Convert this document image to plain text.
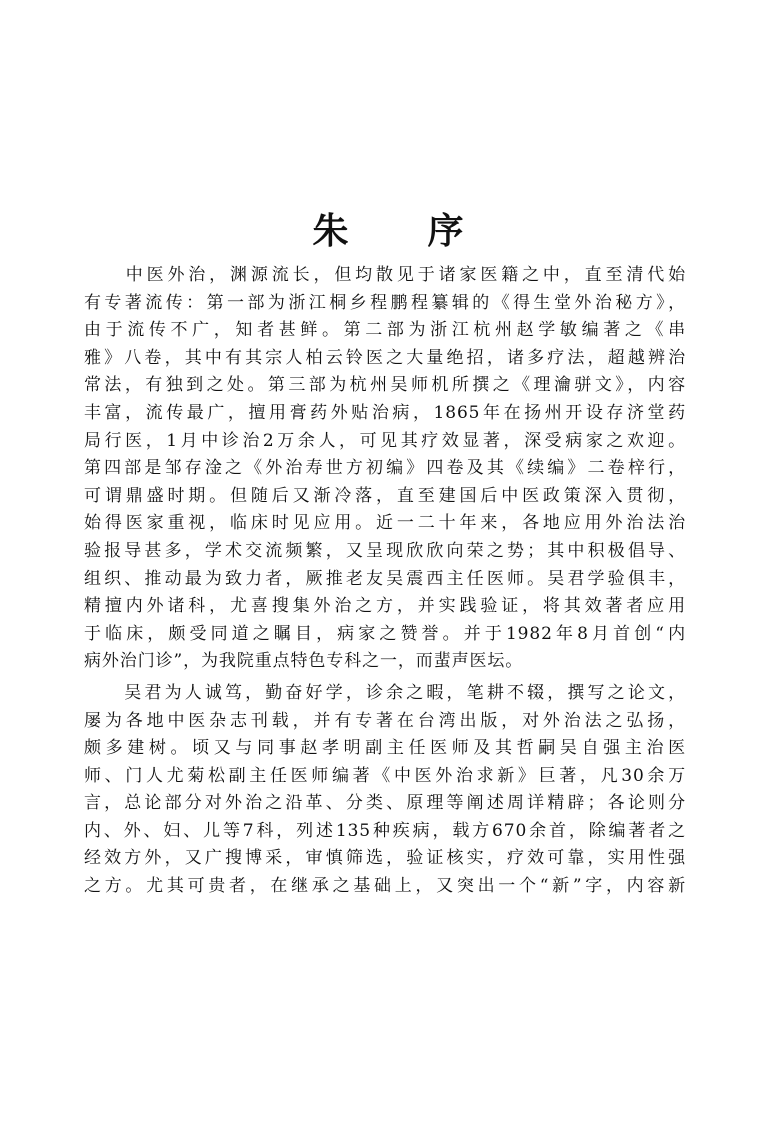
朱 序
　　中医外治，渊源流长，但均散见于诸家医籍之中，直至清代始
有专著流传：第一部为浙江桐乡程鹏程纂辑的《得生堂外治秘方》，
由于流传不广，知者甚鲜。第二部为浙江杭州赵学敏编著之《串
雅》八卷，其中有其宗人柏云铃医之大量绝招，诸多疗法，超越辨治
常法，有独到之处。第三部为杭州吴师机所撰之《理瀹骈文》，内容
丰富，流传最广，擅用膏药外贴治病，1865年在扬州开设存济堂药
局行医，1月中诊治2万余人，可见其疗效显著，深受病家之欢迎。
第四部是邹存淦之《外治寿世方初编》四卷及其《续编》二卷梓行，
可谓鼎盛时期。但随后又渐冷落，直至建国后中医政策深入贯彻，
始得医家重视，临床时见应用。近一二十年来，各地应用外治法治
验报导甚多，学术交流频繁，又呈现欣欣向荣之势；其中积极倡导、
组织、推动最为致力者，厥推老友吴震西主任医师。吴君学验俱丰，
精擅内外诸科，尤喜搜集外治之方，并实践验证，将其效著者应用
于临床，颇受同道之瞩目，病家之赞誉。并于1982年8月首创“内
病外治门诊”，为我院重点特色专科之一，而蜚声医坛。
　　吴君为人诚笃，勤奋好学，诊余之暇，笔耕不辍，撰写之论文，
屡为各地中医杂志刊载，并有专著在台湾出版，对外治法之弘扬，
颇多建树。顷又与同事赵孝明副主任医师及其哲嗣吴自强主治医
师、门人尤菊松副主任医师编著《中医外治求新》巨著，凡30余万
言，总论部分对外治之沿革、分类、原理等阐述周详精辟；各论则分
内、外、妇、儿等7科，列述135种疾病，载方670余首，除编著者之
经效方外，又广搜博采，审慎筛选，验证核实，疗效可靠，实用性强
之方。尤其可贵者，在继承之基础上，又突出一个“新”字，内容新
